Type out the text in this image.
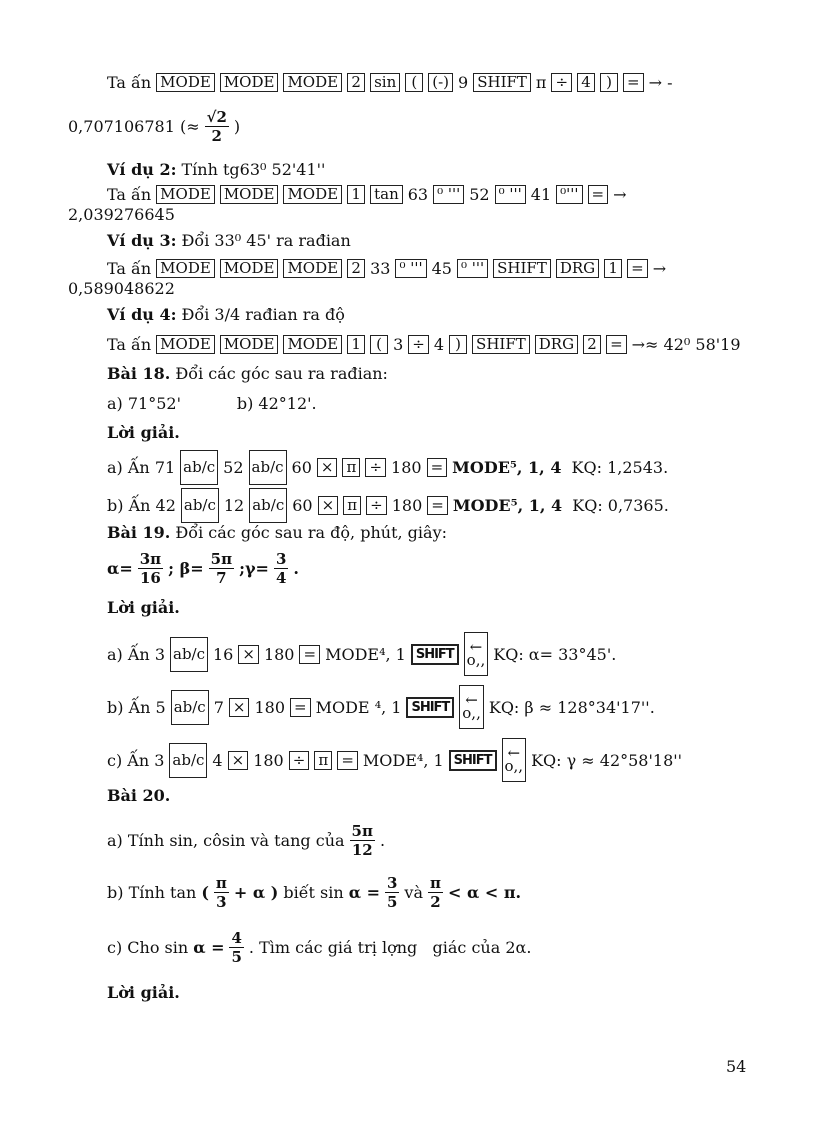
Ta ấn MODE MODE MODE 2 sin	(	(-) 9 SHIFT π ÷ 4	)	= → -
0,707106781 (≈ $\frac{√2}{2}$ )
Ví dụ 2: Tính tg63⁰ 52'41''
Ta ấn MODE MODE MODE 1 tan 63 ⁰ ''' 52 ⁰ ''' 41 ⁰''' = →
2,039276645
Ví dụ 3: Đổi 33⁰ 45' ra rađian
Ta ấn MODE MODE MODE 2 33 ⁰ ''' 45 ⁰ ''' SHIFT DRG 1 = →
0,589048622
Ví dụ 4: Đổi 3/4 rađian ra độ
Ta ấn MODE MODE MODE 1	( 3 ÷ 4 )	SHIFT DRG 2 = →≈ 42⁰ 58'19
Bài 18. Đổi các góc sau ra rađian:
a) 71°52' b) 42°12'.
Lời giải.
a) Ấn 71 ab/c 52 ab/c 60 × π ÷ 180 = MODE⁵, 1, 4 KQ: 1,2543.
b) Ấn 42 ab/c 12 ab/c 60 × π ÷ 180 = MODE⁵, 1, 4 KQ: 0,7365.
Bài 19. Đổi các góc sau ra độ, phút, giây:
$\alpha= \frac{3\pi}{16}$ ; $\beta= \frac{5\pi}{7}$ ;γ= $\frac{3}{4}$ .
Lời giải.
a) Ấn 3 ab/c 16 × 180 = MODE⁴, 1 SHIFT	←
o,, KQ: α= 33°45'.
b) Ấn 5 ab/c 7 × 180 = MODE ⁴, 1 SHIFT	←
o,, KQ: β ≈ 128°34'17''.
c) Ấn 3 ab/c 4 × 180 ÷ π = MODE⁴, 1 SHIFT	←
o,, KQ: γ ≈ 42°58'18''
Bài 20.
a) Tính sin, côsin và tang của $\frac{5\pi}{12}$ .
b) Tính tan ( $\frac{\pi}{3} + \alpha$ ) biết $\sin \alpha = \frac{3}{5}$ và $\frac{\pi}{2} < \alpha < \pi$.
c) Cho $\sin \alpha = \frac{4}{5}$ . Tìm các giá trị lợng   giác của 2α.
Lời giải.
54
